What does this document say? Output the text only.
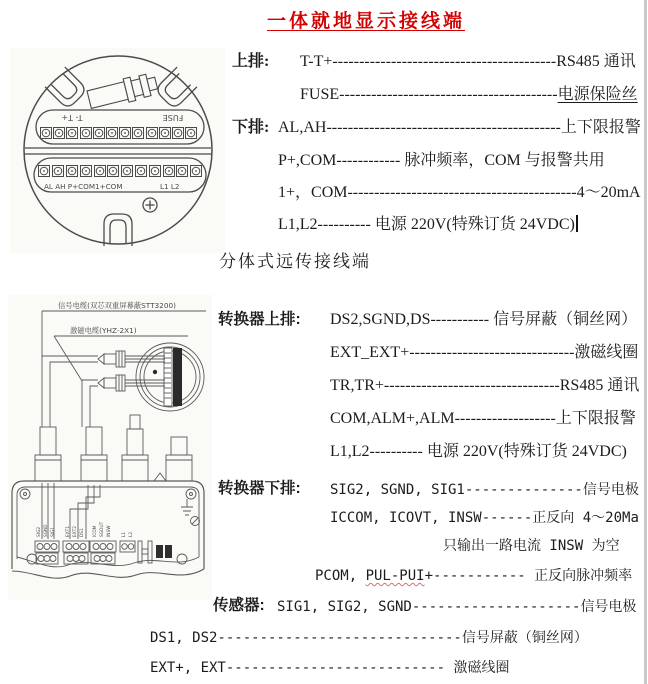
一体就地显示接线端
T- T+	FUSE
AL AH P+COM1+COM	L1 L2
上排: T-T+------------------------------------------RS485 通讯
FUSE-----------------------------------------电源保险丝
下排: AL,AH--------------------------------------------上下限报警
P+,COM------------ 脉冲频率，COM 与报警共用
1+，COM-------------------------------------------4～20mA
L1,L2---------- 电源 220V(特殊订货 24VDC)
分体式远传接线端
信号电缆(双芯双重屏幕蔽STT3200)
激磁电缆(YHZ-2X1)
SIG2 SGND SIG1 EXT1 EXT2 DS1 ICOM SGOUT INSW L1 L2
转换器上排: DS2,SGND,DS----------- 信号屏蔽（铜丝网）
EXT_EXT+-------------------------------激磁线圈
TR,TR+---------------------------------RS485 通讯
COM,ALM+,ALM-------------------上下限报警
L1,L2---------- 电源 220V(特殊订货 24VDC)
转换器下排: SIG2, SGND, SIG1--------------信号电极
ICCOM, ICOVT, INSW------正反向 4～20Ma
只输出一路电流 INSW 为空
PCOM, PUL-PUI+----------- 正反向脉冲频率
传感器: SIG1, SIG2, SGND--------------------信号电极
DS1, DS2-----------------------------信号屏蔽（铜丝网）
EXT+, EXT-------------------------- 激磁线圈
